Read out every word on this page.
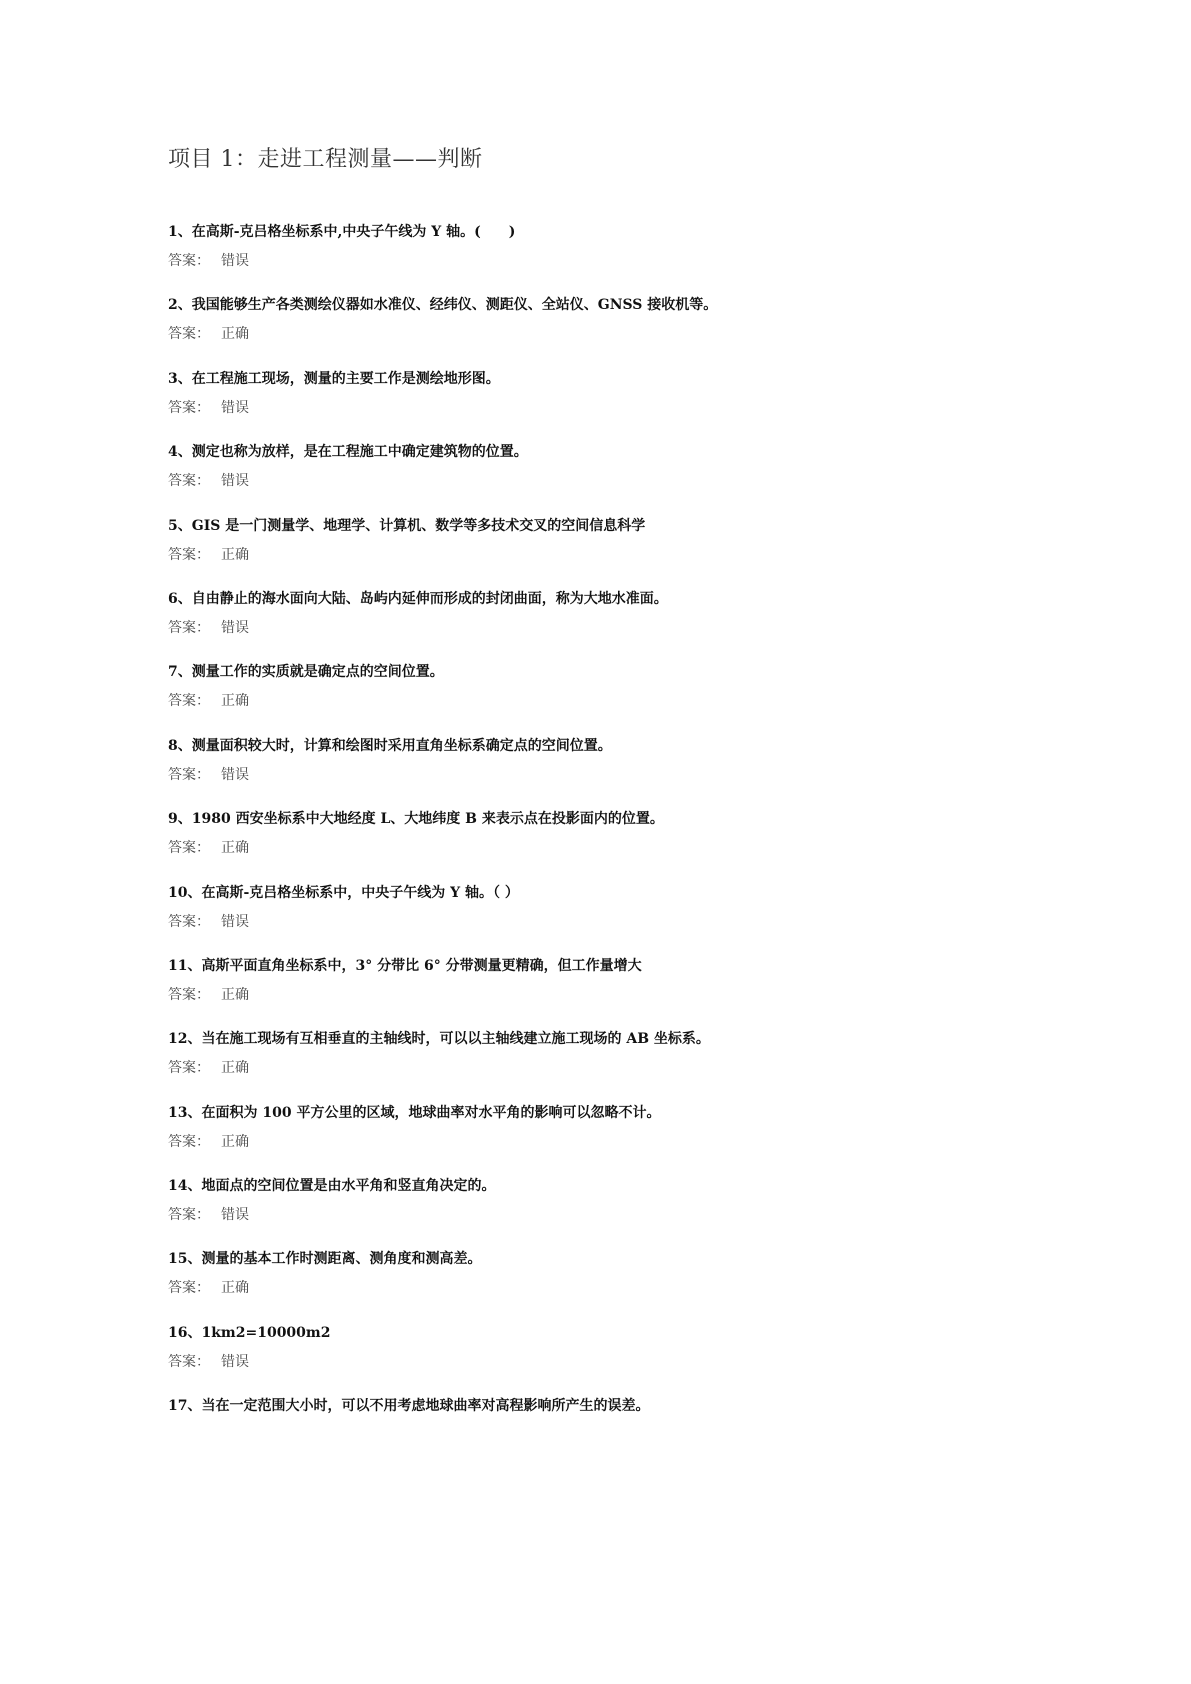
项目 1：走进工程测量——判断
1、在高斯-克吕格坐标系中,中央子午线为 Y 轴。(　　)
答案： 错误
2、我国能够生产各类测绘仪器如水准仪、经纬仪、测距仪、全站仪、GNSS 接收机等。
答案： 正确
3、在工程施工现场，测量的主要工作是测绘地形图。
答案： 错误
4、测定也称为放样，是在工程施工中确定建筑物的位置。
答案： 错误
5、GIS 是一门测量学、地理学、计算机、数学等多技术交叉的空间信息科学
答案： 正确
6、自由静止的海水面向大陆、岛屿内延伸而形成的封闭曲面，称为大地水准面。
答案： 错误
7、测量工作的实质就是确定点的空间位置。
答案： 正确
8、测量面积较大时，计算和绘图时采用直角坐标系确定点的空间位置。
答案： 错误
9、1980 西安坐标系中大地经度 L、大地纬度 B 来表示点在投影面内的位置。
答案： 正确
10、在高斯-克吕格坐标系中，中央子午线为 Y 轴。（ ）
答案： 错误
11、高斯平面直角坐标系中，3° 分带比 6° 分带测量更精确，但工作量增大
答案： 正确
12、当在施工现场有互相垂直的主轴线时，可以以主轴线建立施工现场的 AB 坐标系。
答案： 正确
13、在面积为 100 平方公里的区域，地球曲率对水平角的影响可以忽略不计。
答案： 正确
14、地面点的空间位置是由水平角和竖直角决定的。
答案： 错误
15、测量的基本工作时测距离、测角度和测高差。
答案： 正确
16、1km2=10000m2
答案： 错误
17、当在一定范围大小时，可以不用考虑地球曲率对高程影响所产生的误差。
